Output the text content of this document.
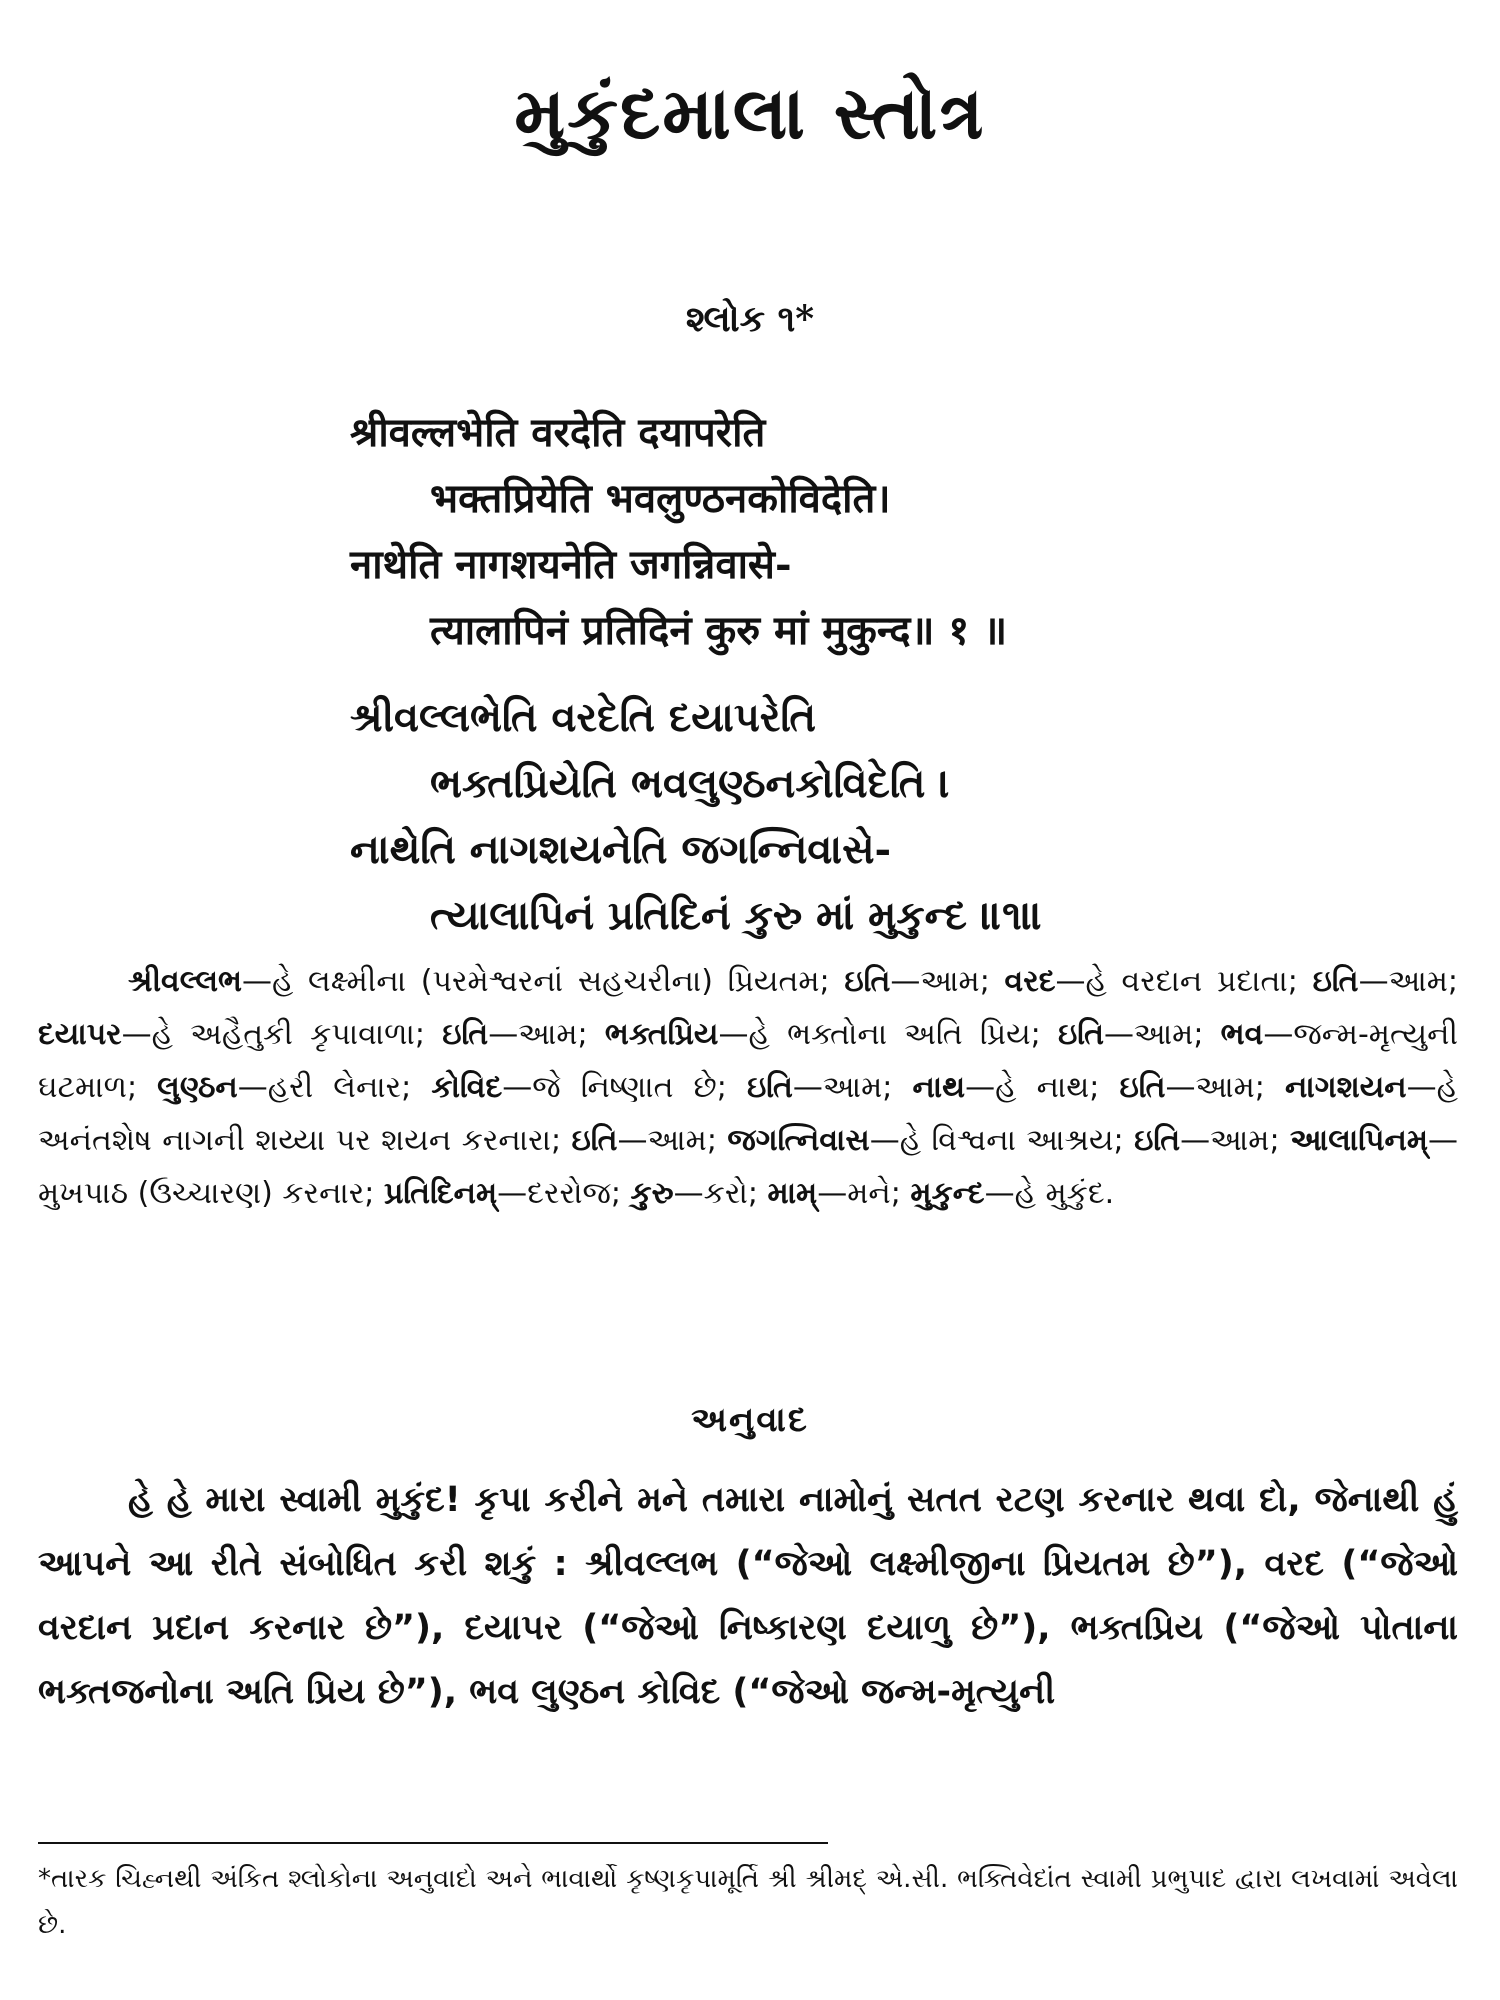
મુકુંદમાલા સ્તોત્ર
શ્લોક ૧*
श्रीवल्लभेति वरदेति दयापरेति
भक्तप्रियेति भवलुण्ठनकोविदेति।
नाथेति नागशयनेति जगन्निवासे-
त्यालापिनं प्रतिदिनं कुरु मां मुकुन्द॥ १ ॥
શ્રીવલ્લભેતિ વરદેતિ દયાપરેતિ
ભક્તપ્રિયેતિ ભવલુણ્ઠનકોવિદેતિ ।
નાથેતિ નાગશયનેતિ જગન્નિવાસે-
ત્યાલાપિનં પ્રતિદિનં કુરુ માં મુકુન્દ ॥૧॥
શ્રીવલ્લભ—હે લક્ષ્મીના (પરમેશ્વરનાં સહચરીના) પ્રિયતમ; ઇતિ—આમ; વરદ—હે વરદાન પ્રદાતા; ઇતિ—આમ; દયાપર—હે અહૈતુકી કૃપાવાળા; ઇતિ—આમ; ભક્તપ્રિય—હે ભક્તોના અતિ પ્રિય; ઇતિ—આમ; ભવ—જન્મ-મૃત્યુની ઘટમાળ; લુણ્ઠન—હરી લેનાર; કોવિદ—જે નિષ્ણાત છે; ઇતિ—આમ; નાથ—હે નાથ; ઇતિ—આમ; નાગશયન—હે અનંતશેષ નાગની શય્યા પર શયન કરનારા; ઇતિ—આમ; જગત્નિવાસ—હે વિશ્વના આશ્રય; ઇતિ—આમ; આલાપિનમ્—મુખપાઠ (ઉચ્ચારણ) કરનાર; પ્રતિદિનમ્—દરરોજ; કુરુ—કરો; મામ્—મને; મુકુન્દ—હે મુકુંદ.
અનુવાદ
હે હે મારા સ્વામી મુકુંદ! કૃપા કરીને મને તમારા નામોનું સતત રટણ કરનાર થવા દો, જેનાથી હું આપને આ રીતે સંબોધિત કરી શકું : શ્રીવલ્લભ (“જેઓ લક્ષ્મીજીના પ્રિયતમ છે”), વરદ (“જેઓ વરદાન પ્રદાન કરનાર છે”), દયાપર (“જેઓ નિષ્કારણ દયાળુ છે”), ભક્તપ્રિય (“જેઓ પોતાના ભક્તજનોના અતિ પ્રિય છે”), ભવ લુણ્ઠન કોવિદ (“જેઓ જન્મ-મૃત્યુની
*તારક ચિહ્નથી અંકિત શ્લોકોના અનુવાદો અને ભાવાર્થો કૃષ્ણકૃપામૂર્તિ શ્રી શ્રીમદ્ એ.સી. ભક્તિવેદાંત સ્વામી પ્રભુપાદ દ્વારા લખવામાં અવેલા છે.
